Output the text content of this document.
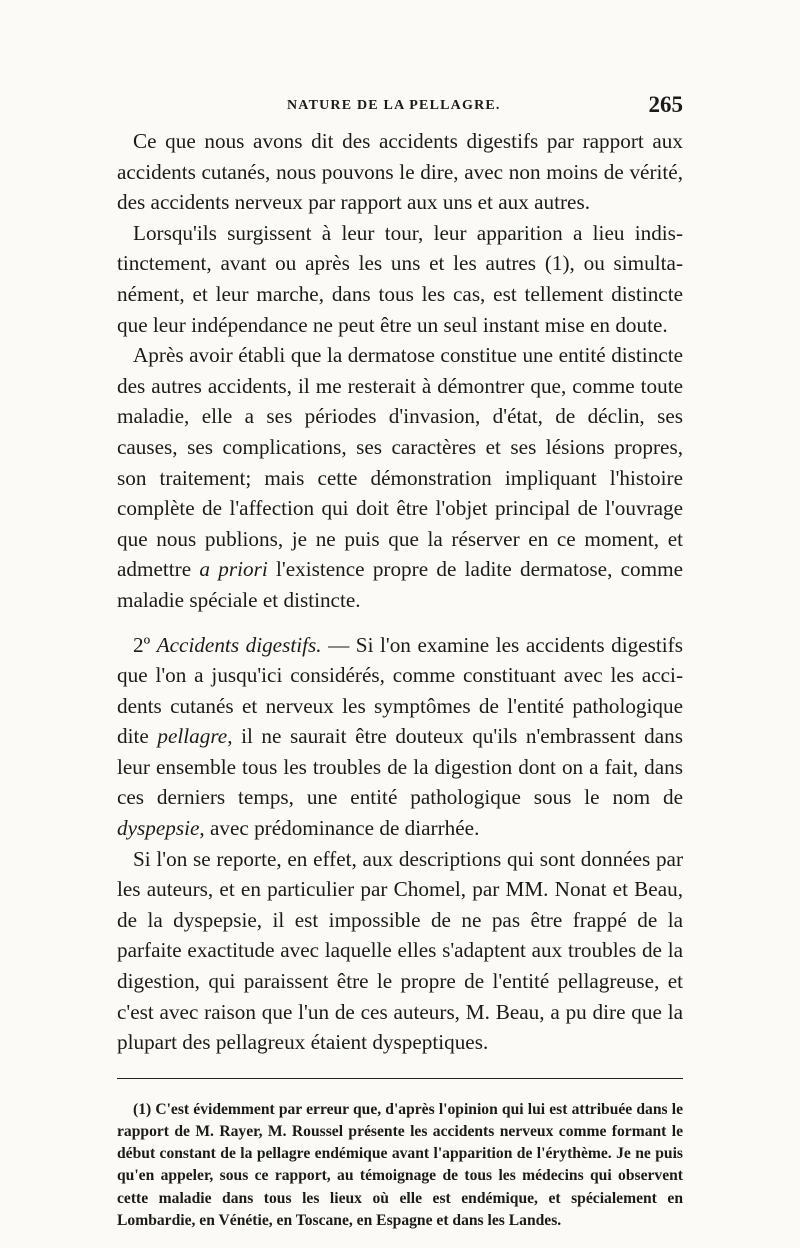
NATURE DE LA PELLAGRE.	265

Ce que nous avons dit des accidents digestifs par rapport aux accidents cutanés, nous pouvons le dire, avec non moins de vérité, des accidents nerveux par rapport aux uns et aux autres.

Lorsqu'ils surgissent à leur tour, leur apparition a lieu indistinctement, avant ou après les uns et les autres (1), ou simultanément, et leur marche, dans tous les cas, est tellement distincte que leur indépendance ne peut être un seul instant mise en doute.

Après avoir établi que la dermatose constitue une entité distincte des autres accidents, il me resterait à démontrer que, comme toute maladie, elle a ses périodes d'invasion, d'état, de déclin, ses causes, ses complications, ses caractères et ses lésions propres, son traitement; mais cette démonstration impliquant l'histoire complète de l'affection qui doit être l'objet principal de l'ouvrage que nous publions, je ne puis que la réserver en ce moment, et admettre a priori l'existence propre de ladite dermatose, comme maladie spéciale et distincte.

2º Accidents digestifs. — Si l'on examine les accidents digestifs que l'on a jusqu'ici considérés, comme constituant avec les accidents cutanés et nerveux les symptômes de l'entité pathologique dite pellagre, il ne saurait être douteux qu'ils n'embrassent dans leur ensemble tous les troubles de la digestion dont on a fait, dans ces derniers temps, une entité pathologique sous le nom de dyspepsie, avec prédominance de diarrhée.

Si l'on se reporte, en effet, aux descriptions qui sont données par les auteurs, et en particulier par Chomel, par MM. Nonat et Beau, de la dyspepsie, il est impossible de ne pas être frappé de la parfaite exactitude avec laquelle elles s'adaptent aux troubles de la digestion, qui paraissent être le propre de l'entité pellagreuse, et c'est avec raison que l'un de ces auteurs, M. Beau, a pu dire que la plupart des pellagreux étaient dyspeptiques.

(1) C'est évidemment par erreur que, d'après l'opinion qui lui est attribuée dans le rapport de M. Rayer, M. Roussel présente les accidents nerveux comme formant le début constant de la pellagre endémique avant l'apparition de l'érythème. Je ne puis qu'en appeler, sous ce rapport, au témoignage de tous les médecins qui observent cette maladie dans tous les lieux où elle est endémique, et spécialement en Lombardie, en Vénétie, en Toscane, en Espagne et dans les Landes.
